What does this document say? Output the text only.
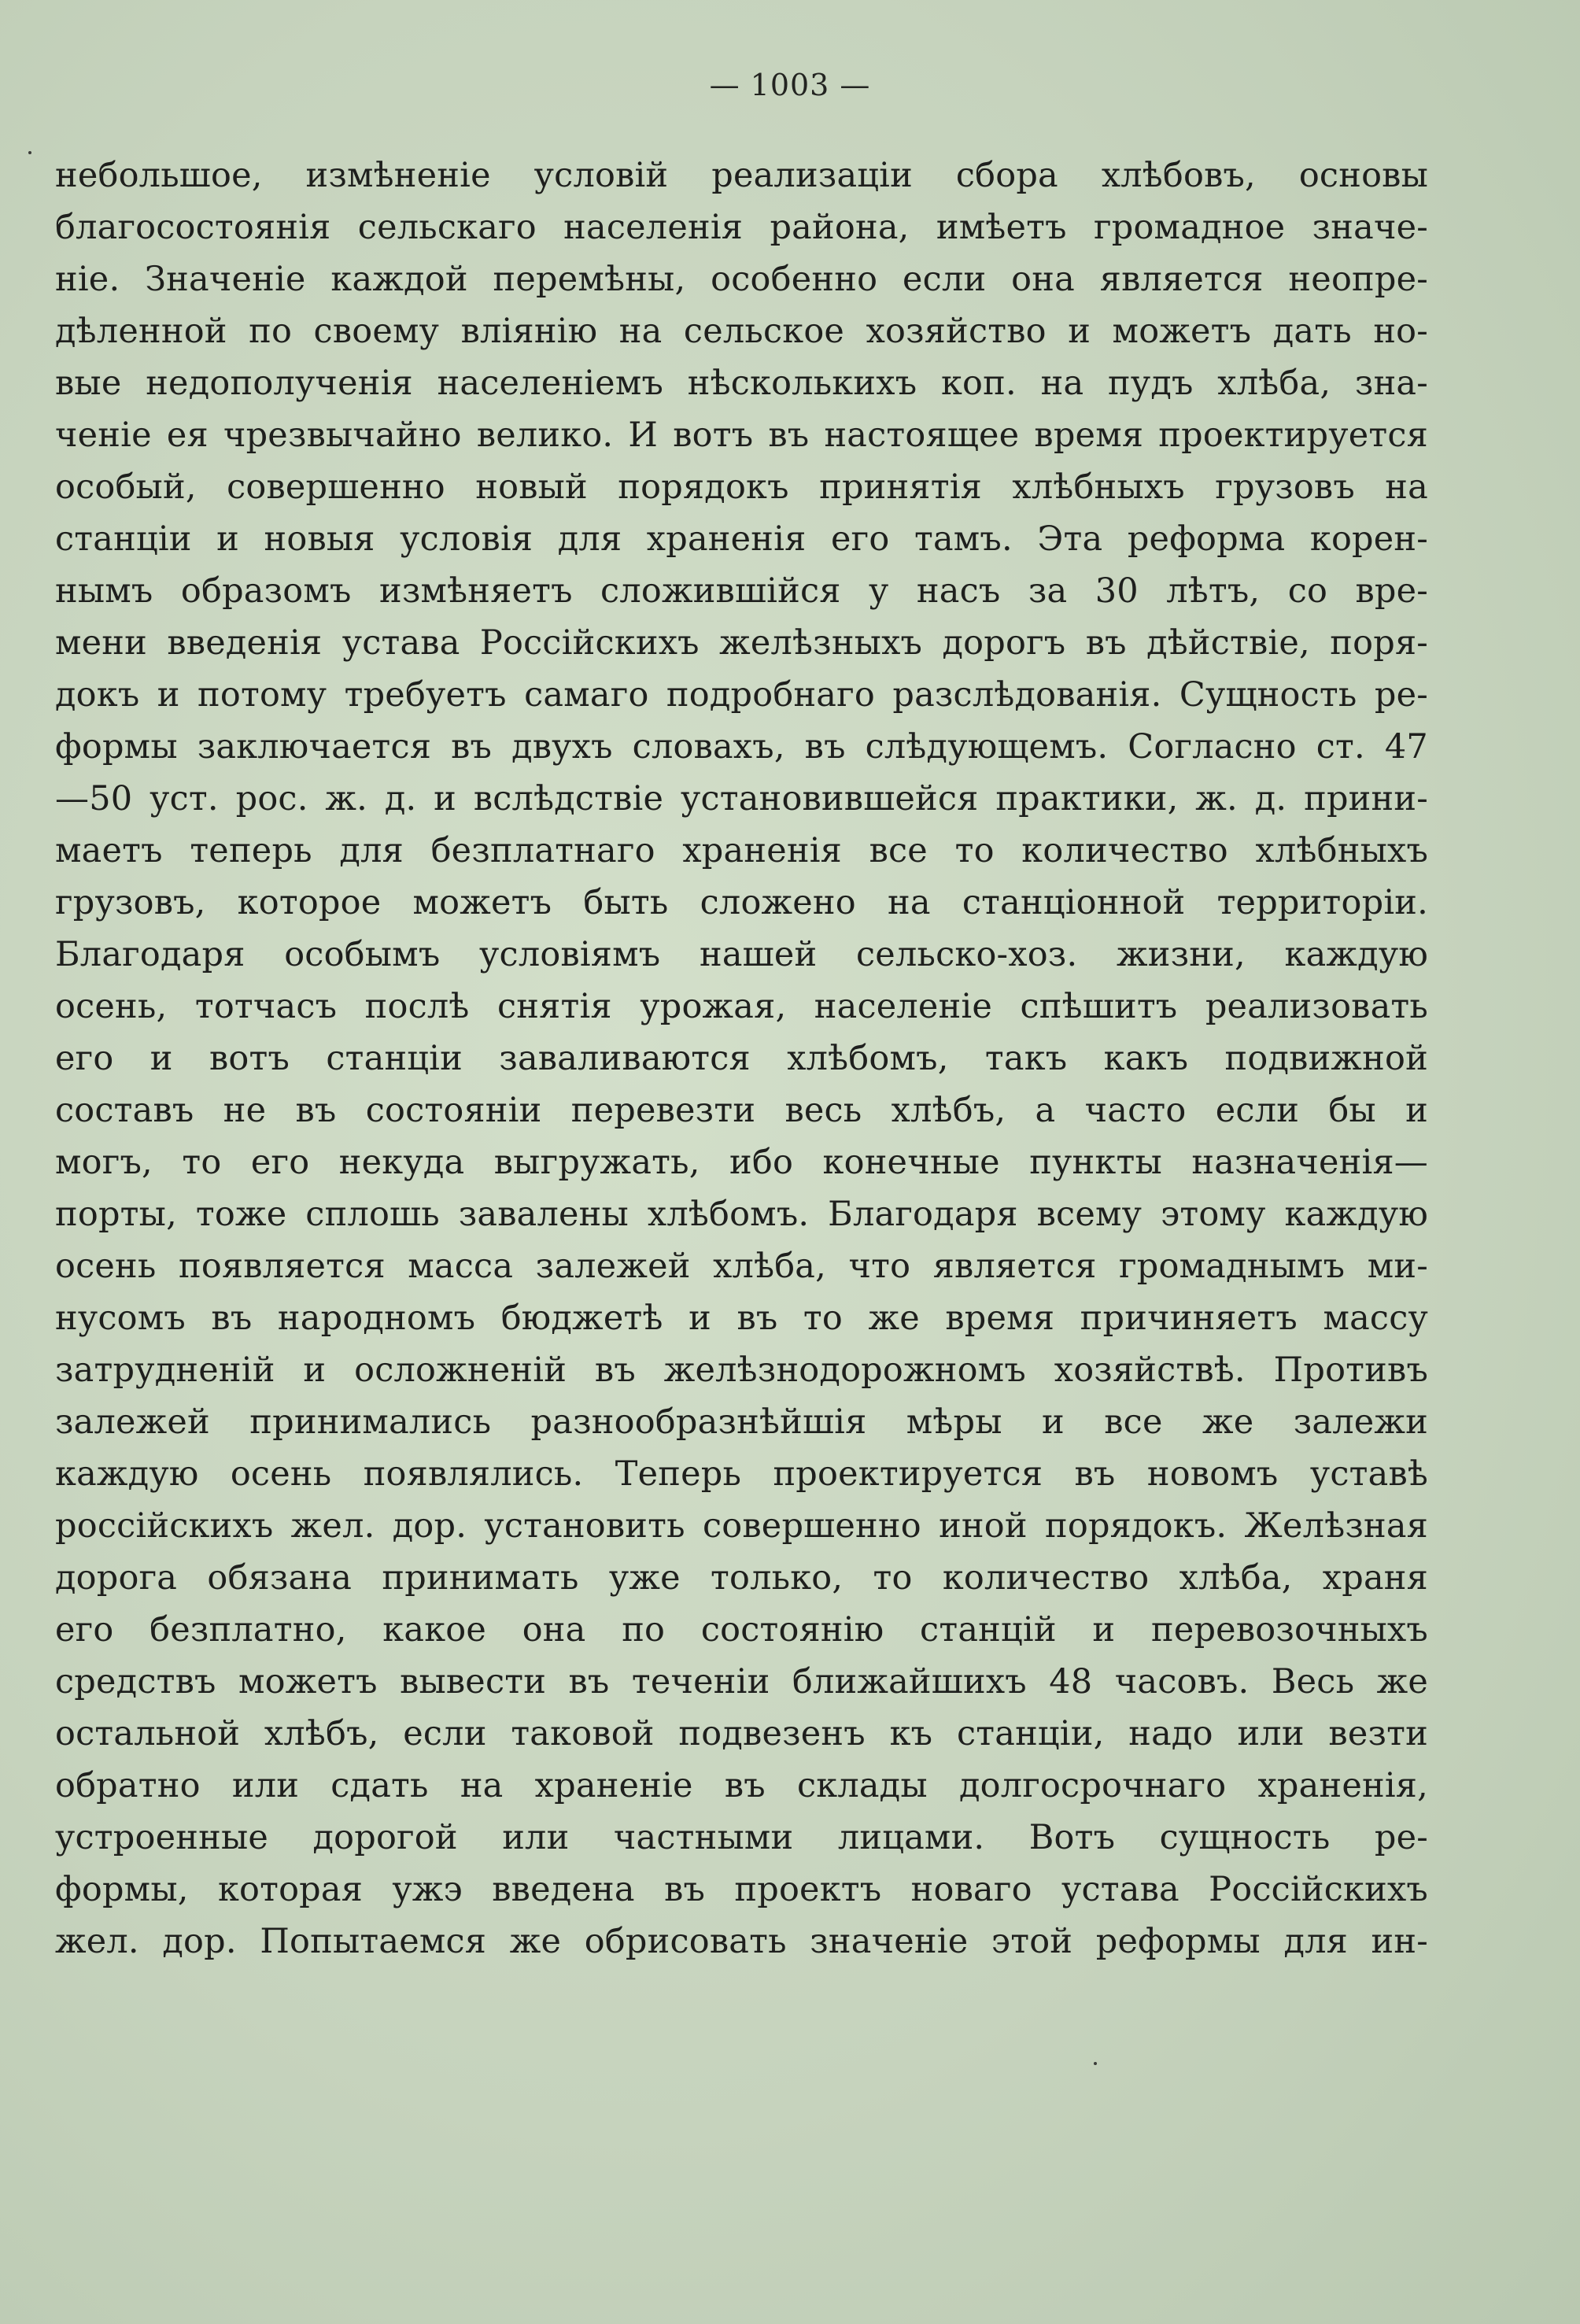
— 1003 —
небольшое, измѣненіе условій реализаціи сбора хлѣбовъ, основы
благосостоянія сельскаго населенія района, имѣетъ громадное значе-
ніе. Значеніе каждой перемѣны, особенно если она является неопре-
дѣленной по своему вліянію на сельское хозяйство и можетъ дать но-
вые недополученія населеніемъ нѣсколькихъ коп. на пудъ хлѣба, зна-
ченіе ея чрезвычайно велико. И вотъ въ настоящее время проектируется
особый, совершенно новый порядокъ принятія хлѣбныхъ грузовъ на
станціи и новыя условія для храненія его тамъ. Эта реформа корен-
нымъ образомъ измѣняетъ сложившійся у насъ за 30 лѣтъ, со вре-
мени введенія устава Россійскихъ желѣзныхъ дорогъ въ дѣйствіе, поря-
докъ и потому требуетъ самаго подробнаго разслѣдованія. Сущность ре-
формы заключается въ двухъ словахъ, въ слѣдующемъ. Согласно ст. 47
—50 уст. рос. ж. д. и вслѣдствіе установившейся практики, ж. д. прини-
маетъ теперь для безплатнаго храненія все то количество хлѣбныхъ
грузовъ, которое можетъ быть сложено на станціонной территоріи.
Благодаря особымъ условіямъ нашей сельско-хоз. жизни, каждую
осень, тотчасъ послѣ снятія урожая, населеніе спѣшитъ реализовать
его и вотъ станціи заваливаются хлѣбомъ, такъ какъ подвижной
составъ не въ состояніи перевезти весь хлѣбъ, а часто если бы и
могъ, то его некуда выгружать, ибо конечные пункты назначенія—
порты, тоже сплошь завалены хлѣбомъ. Благодаря всему этому каждую
осень появляется масса залежей хлѣба, что является громаднымъ ми-
нусомъ въ народномъ бюджетѣ и въ то же время причиняетъ массу
затрудненій и осложненій въ желѣзнодорожномъ хозяйствѣ. Противъ
залежей принимались разнообразнѣйшія мѣры и все же залежи
каждую осень появлялись. Теперь проектируется въ новомъ уставѣ
россійскихъ жел. дор. установить совершенно иной порядокъ. Желѣзная
дорога обязана принимать уже только, то количество хлѣба, храня
его безплатно, какое она по состоянію станцій и перевозочныхъ
средствъ можетъ вывести въ теченіи ближайшихъ 48 часовъ. Весь же
остальной хлѣбъ, если таковой подвезенъ къ станціи, надо или везти
обратно или сдать на храненіе въ склады долгосрочнаго храненія,
устроенные дорогой или частными лицами. Вотъ сущность ре-
формы, которая ужэ введена въ проектъ новаго устава Россійскихъ
жел. дор. Попытаемся же обрисовать значеніе этой реформы для ин-
